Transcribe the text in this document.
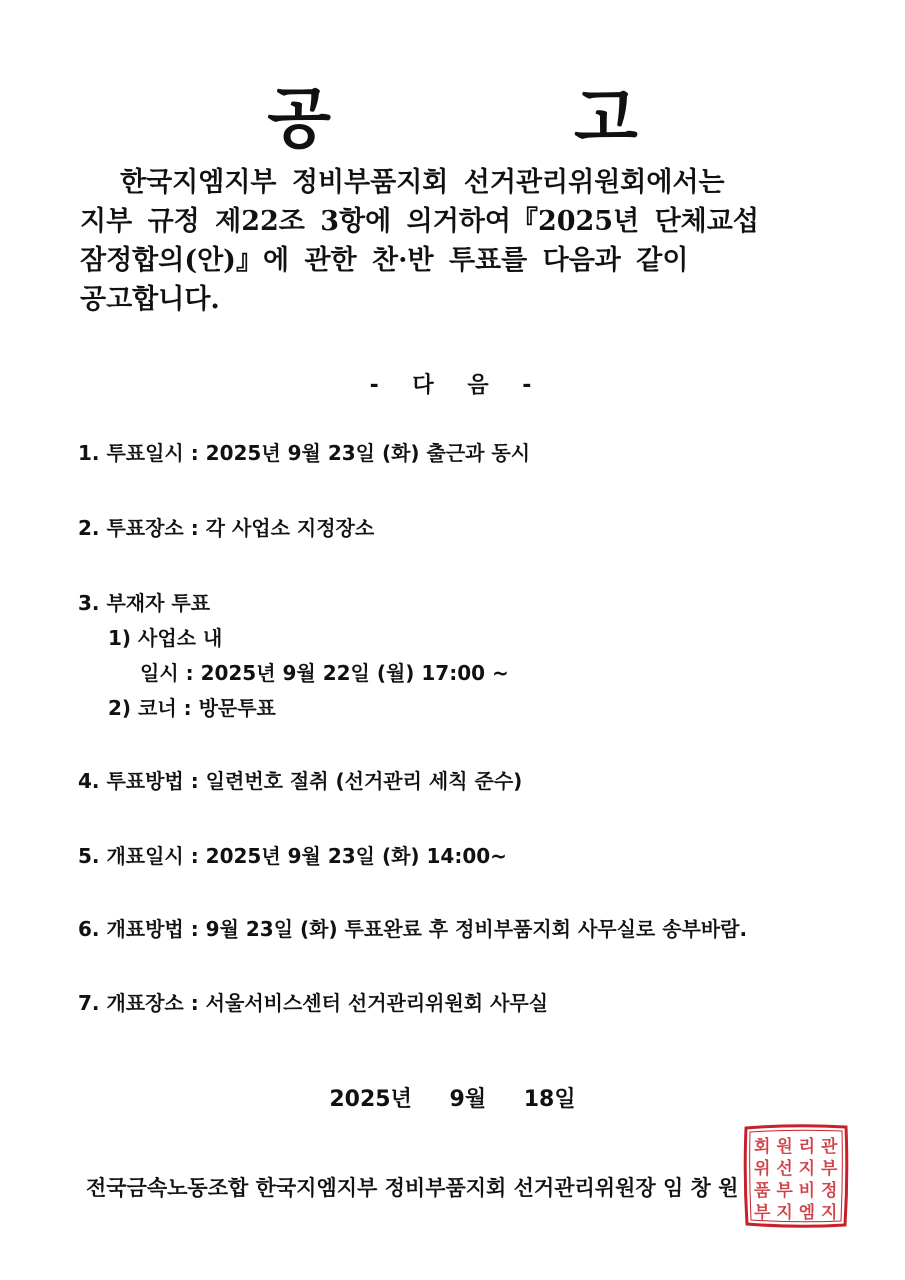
공 고
한국지엠지부 정비부품지회 선거관리위원회에서는
지부 규정 제22조 3항에 의거하여『2025년 단체교섭
잠정합의(안)』에 관한 찬·반 투표를 다음과 같이
공고합니다.
- 다 음 -
1. 투표일시 : 2025년 9월 23일 (화) 출근과 동시
2. 투표장소 : 각 사업소 지정장소
3. 부재자 투표
1) 사업소 내
일시 : 2025년 9월 22일 (월) 17:00 ~
2) 코너 : 방문투표
4. 투표방법 : 일련번호 절취 (선거관리 세칙 준수)
5. 개표일시 : 2025년 9월 23일 (화) 14:00~
6. 개표방법 : 9월 23일 (화) 투표완료 후 정비부품지회 사무실로 송부바람.
7. 개표장소 : 서울서비스센터 선거관리위원회 사무실
2025년 9월 18일
전국금속노동조합 한국지엠지부 정비부품지회 선거관리위원장 임 창 원
회 원 리 관
위 선 지 부
품 부 비 정
부 지 엠 지
